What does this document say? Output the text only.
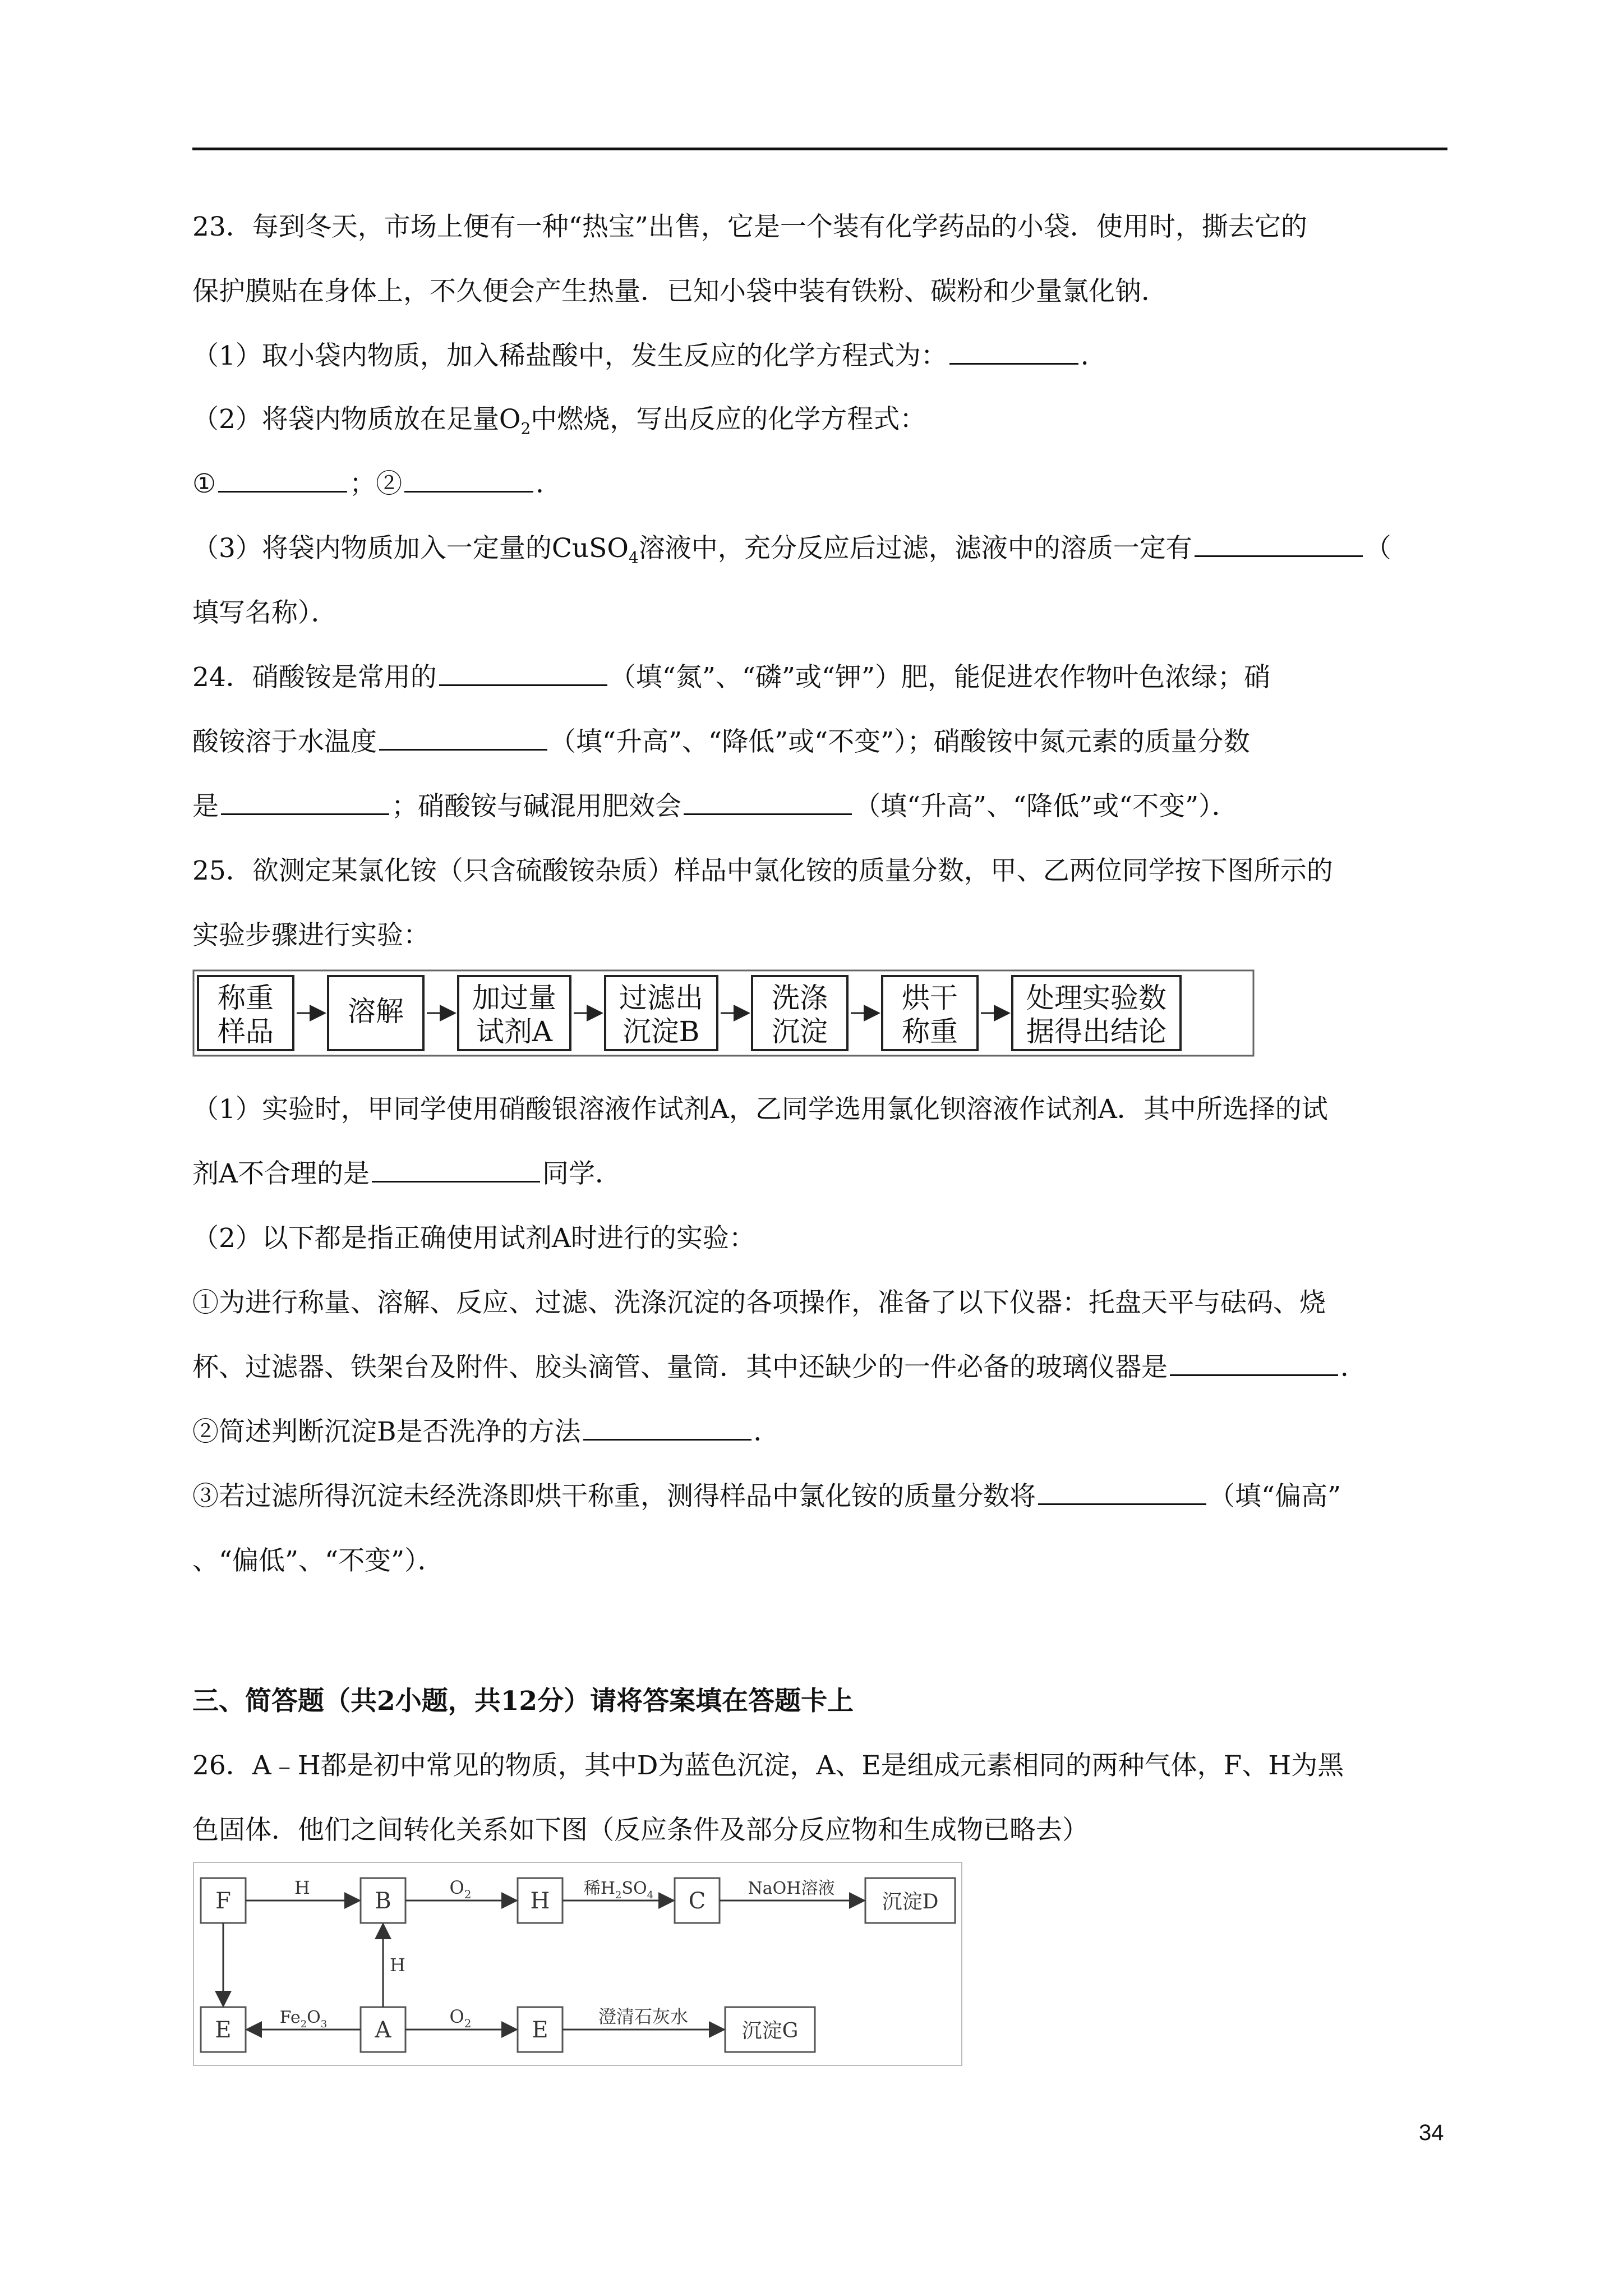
23．每到冬天，市场上便有一种“热宝”出售，它是一个装有化学药品的小袋．使用时，撕去它的
保护膜贴在身体上，不久便会产生热量．已知小袋中装有铁粉、碳粉和少量氯化钠．
（1）取小袋内物质，加入稀盐酸中，发生反应的化学方程式为：	．
（2）将袋内物质放在足量$O_2$中燃烧，写出反应的化学方程式：
①	；②	．
（3）将袋内物质加入一定量的CuSO$_4$溶液中，充分反应后过滤，滤液中的溶质一定有	（
填写名称）．
24．硝酸铵是常用的	（填“氮”、“磷”或“钾”）肥，能促进农作物叶色浓绿；硝
酸铵溶于水温度	（填“升高”、“降低”或“不变”）；硝酸铵中氮元素的质量分数
是	；硝酸铵与碱混用肥效会	（填“升高”、“降低”或“不变”）．
25．欲测定某氯化铵（只含硫酸铵杂质）样品中氯化铵的质量分数，甲、乙两位同学按下图所示的
实验步骤进行实验：
称重
样品
溶解 加过量
试剂A
过滤出
沉淀B
洗涤
沉淀
烘干
称重
处理实验数
据得出结论
（1）实验时，甲同学使用硝酸银溶液作试剂A，乙同学选用氯化钡溶液作试剂A．其中所选择的试
剂A不合理的是	同学．
（2）以下都是指正确使用试剂A时进行的实验：
①为进行称量、溶解、反应、过滤、洗涤沉淀的各项操作，准备了以下仪器：托盘天平与砝码、烧
杯、过滤器、铁架台及附件、胶头滴管、量筒．其中还缺少的一件必备的玻璃仪器是	．
②简述判断沉淀B是否洗净的方法	．
③若过滤所得沉淀未经洗涤即烘干称重，测得样品中氯化铵的质量分数将	（填“偏高”
、“偏低”、“不变”）．
三、简答题（共2小题，共12分）请将答案填在答题卡上
26．A﹣H都是初中常见的物质，其中D为蓝色沉淀，A、E是组成元素相同的两种气体，F、H为黑
色固体．他们之间转化关系如下图（反应条件及部分反应物和生成物已略去）
F	B	H	C	沉淀D
E	A	E	沉淀G
H	$O_2$	稀$H_2SO_4$	NaOH溶液
H
$Fe_2O_3$	$O_2$	澄清石灰水
34
